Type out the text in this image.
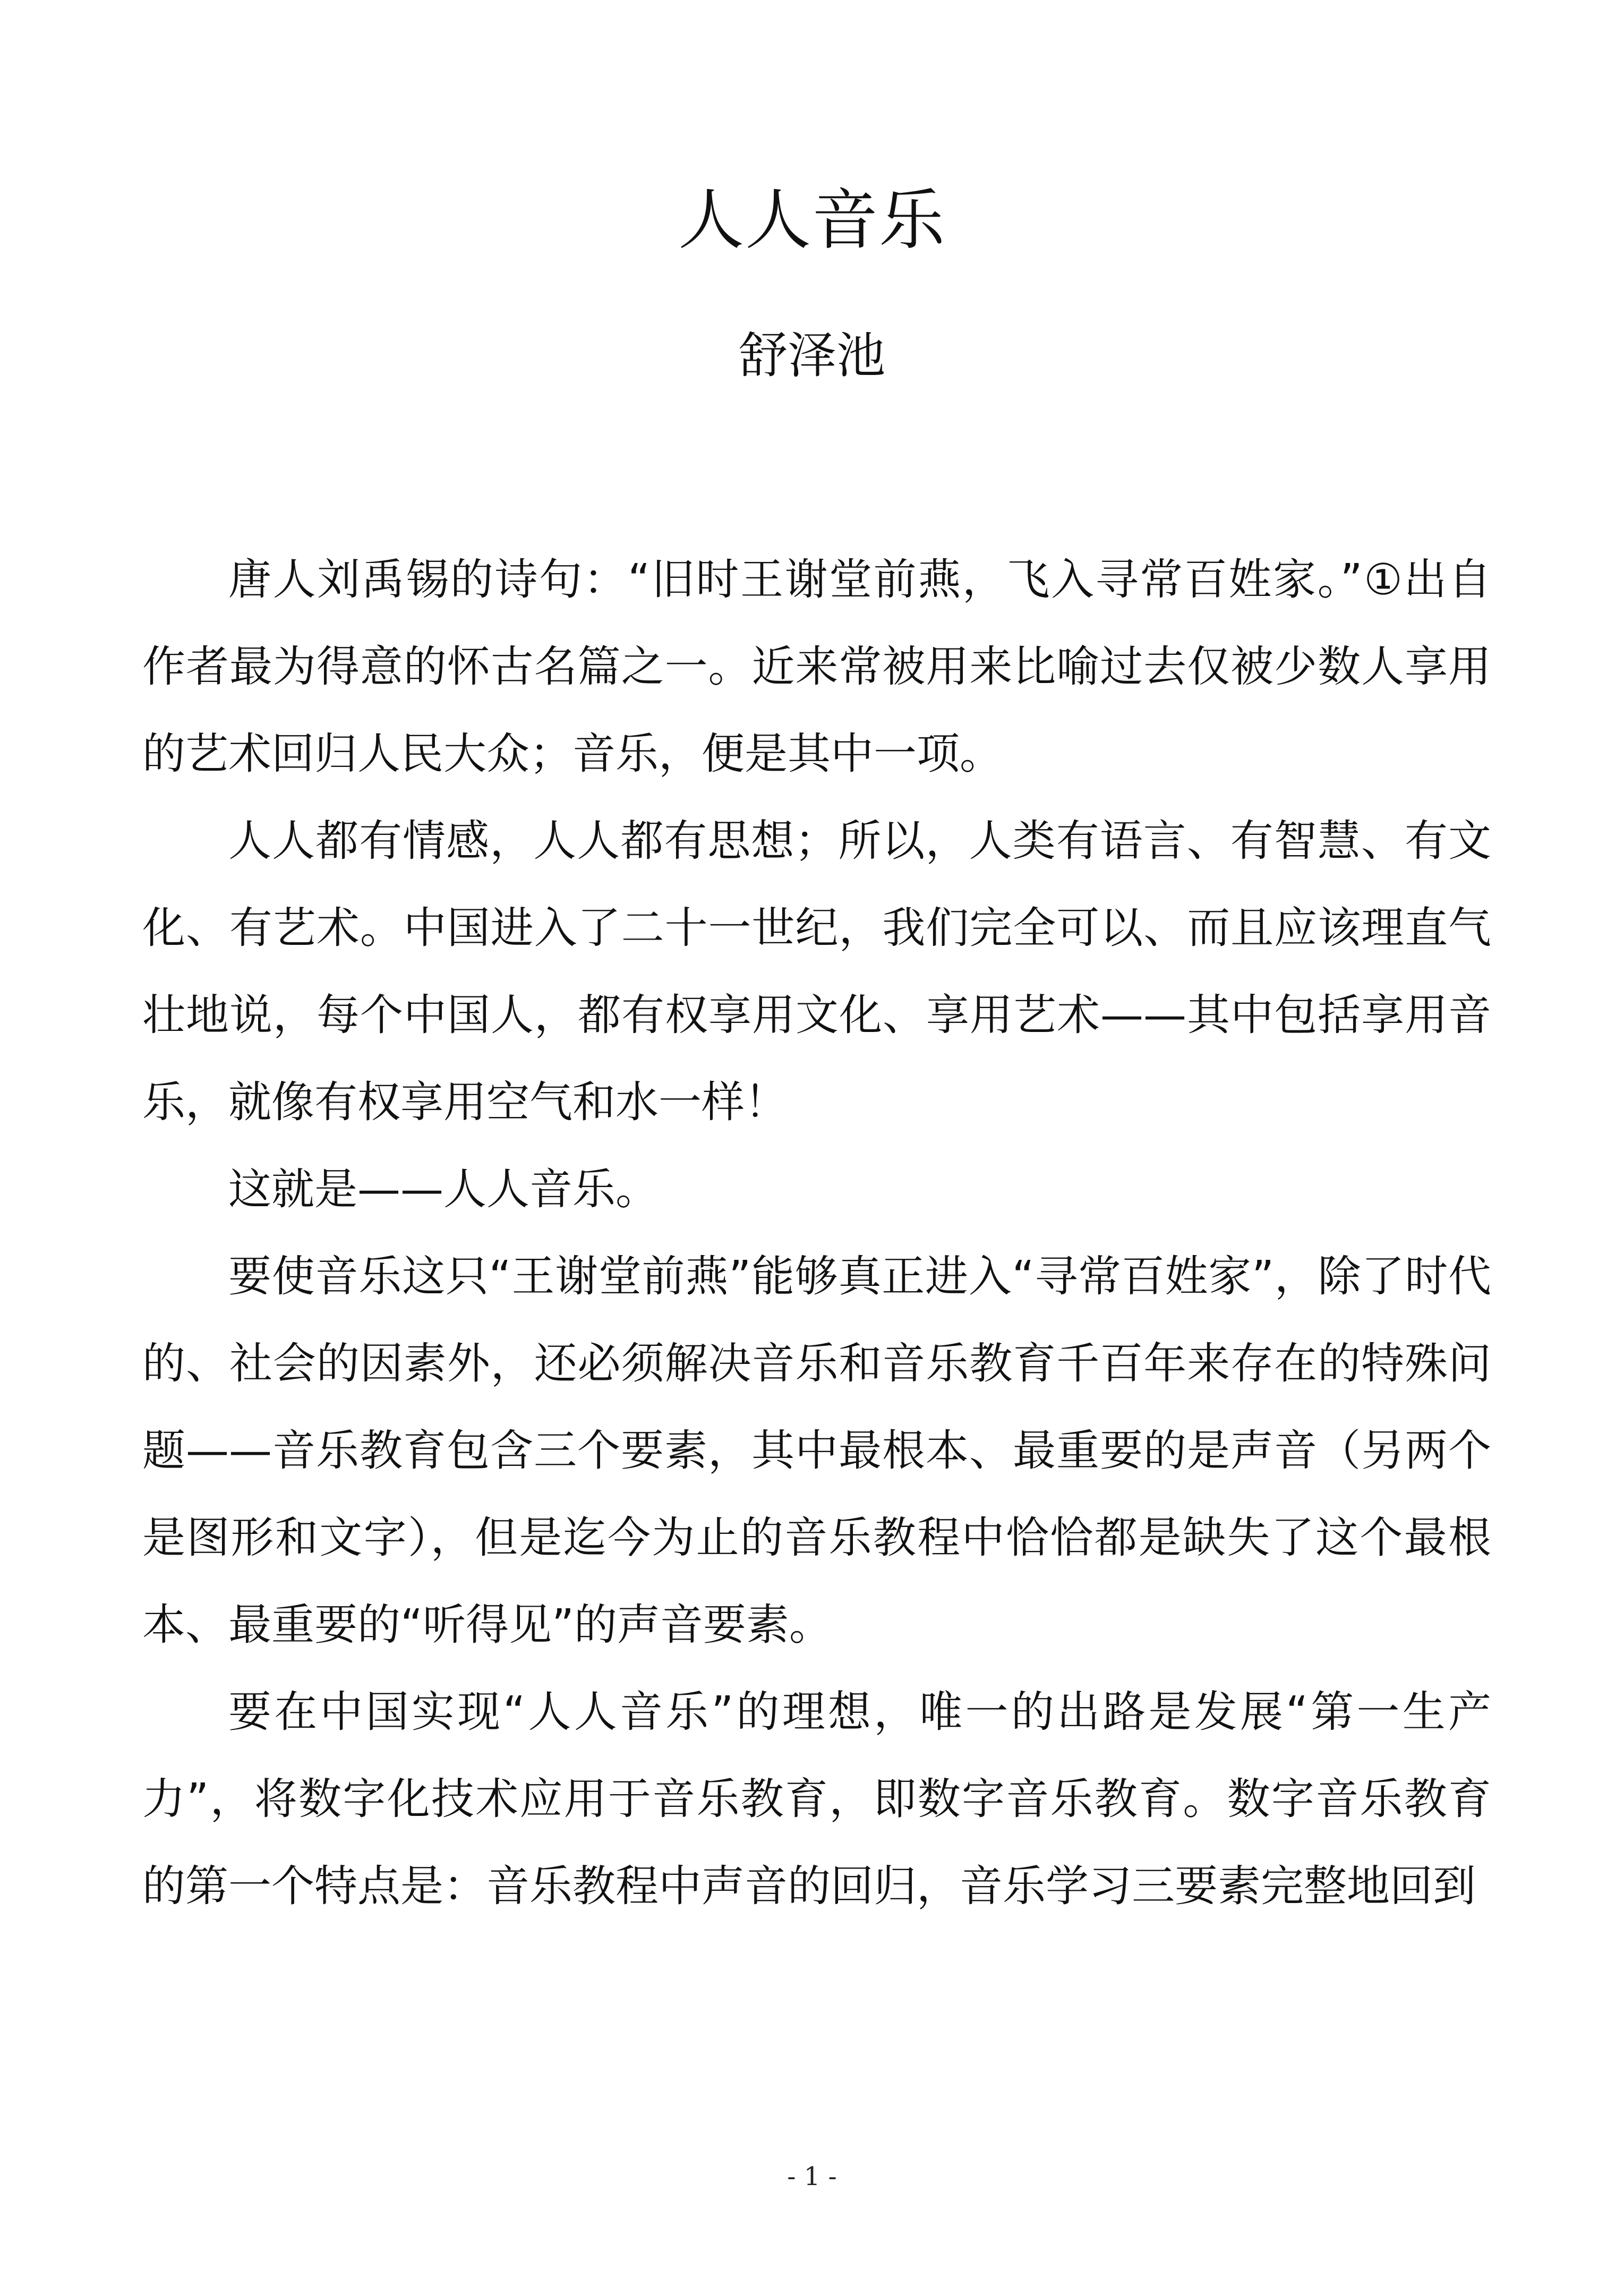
人人音乐
舒泽池

唐人刘禹锡的诗句：“旧时王谢堂前燕，飞入寻常百姓家。”①出自作者最为得意的怀古名篇之一。近来常被用来比喻过去仅被少数人享用的艺术回归人民大众；音乐，便是其中一项。

人人都有情感，人人都有思想；所以，人类有语言、有智慧、有文化、有艺术。中国进入了二十一世纪，我们完全可以、而且应该理直气壮地说，每个中国人，都有权享用文化、享用艺术——其中包括享用音乐，就像有权享用空气和水一样！

这就是——人人音乐。

要使音乐这只“王谢堂前燕”能够真正进入“寻常百姓家”，除了时代的、社会的因素外，还必须解决音乐和音乐教育千百年来存在的特殊问题——音乐教育包含三个要素，其中最根本、最重要的是声音（另两个是图形和文字），但是迄今为止的音乐教程中恰恰都是缺失了这个最根本、最重要的“听得见”的声音要素。

要在中国实现“人人音乐”的理想，唯一的出路是发展“第一生产力”，将数字化技术应用于音乐教育，即数字音乐教育。数字音乐教育的第一个特点是：音乐教程中声音的回归，音乐学习三要素完整地回到

- 1 -
